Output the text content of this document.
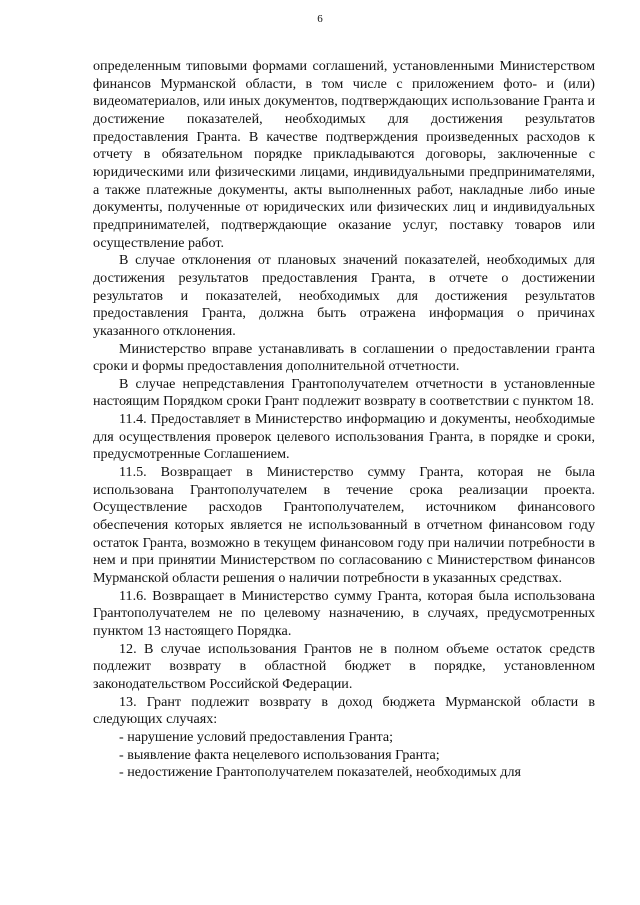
6

определенным типовыми формами соглашений, установленными Министерством финансов Мурманской области, в том числе с приложением фото- и (или) видеоматериалов, или иных документов, подтверждающих использование Гранта и достижение показателей, необходимых для достижения результатов предоставления Гранта. В качестве подтверждения произведенных расходов к отчету в обязательном порядке прикладываются договоры, заключенные с юридическими или физическими лицами, индивидуальными предпринимателями, а также платежные документы, акты выполненных работ, накладные либо иные документы, полученные от юридических или физических лиц и индивидуальных предпринимателей, подтверждающие оказание услуг, поставку товаров или осуществление работ.

В случае отклонения от плановых значений показателей, необходимых для достижения результатов предоставления Гранта, в отчете о достижении результатов и показателей, необходимых для достижения результатов предоставления Гранта, должна быть отражена информация о причинах указанного отклонения.

Министерство вправе устанавливать в соглашении о предоставлении гранта сроки и формы предоставления дополнительной отчетности.

В случае непредставления Грантополучателем отчетности в установленные настоящим Порядком сроки Грант подлежит возврату в соответствии с пунктом 18.

11.4. Предоставляет в Министерство информацию и документы, необходимые для осуществления проверок целевого использования Гранта, в порядке и сроки, предусмотренные Соглашением.

11.5. Возвращает в Министерство сумму Гранта, которая не была использована Грантополучателем в течение срока реализации проекта. Осуществление расходов Грантополучателем, источником финансового обеспечения которых является не использованный в отчетном финансовом году остаток Гранта, возможно в текущем финансовом году при наличии потребности в нем и при принятии Министерством по согласованию с Министерством финансов Мурманской области решения о наличии потребности в указанных средствах.

11.6. Возвращает в Министерство сумму Гранта, которая была использована Грантополучателем не по целевому назначению, в случаях, предусмотренных пунктом 13 настоящего Порядка.

12. В случае использования Грантов не в полном объеме остаток средств подлежит возврату в областной бюджет в порядке, установленном законодательством Российской Федерации.

13. Грант подлежит возврату в доход бюджета Мурманской области в следующих случаях:

- нарушение условий предоставления Гранта;

- выявление факта нецелевого использования Гранта;

- недостижение Грантополучателем показателей, необходимых для
